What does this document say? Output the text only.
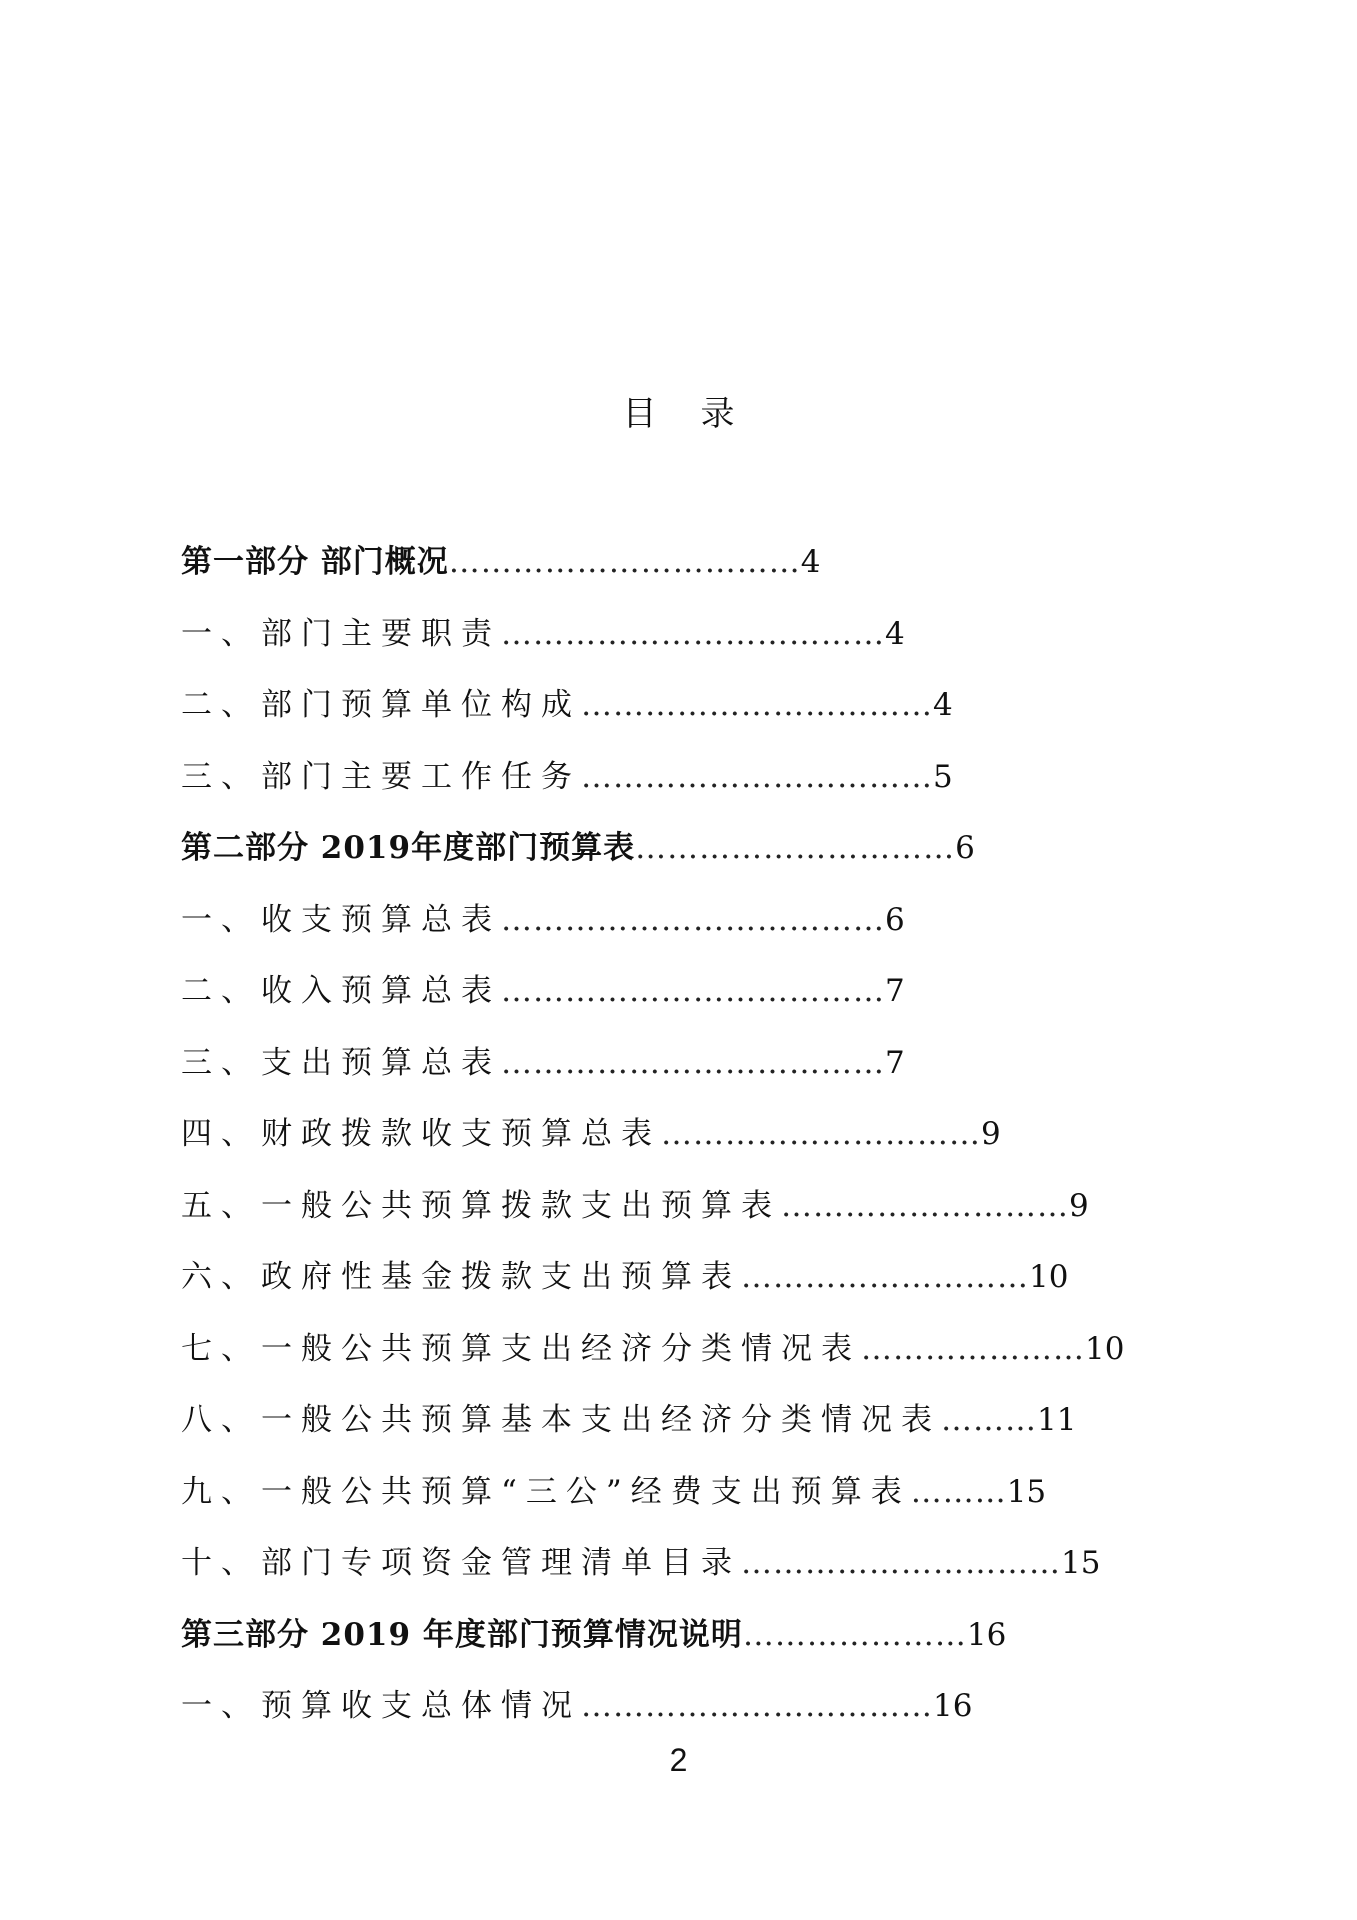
目 录
第一部分 部门概况……………………………4
一、部门主要职责………………………………4
二、部门预算单位构成……………………………4
三、部门主要工作任务……………………………5
第二部分 2019年度部门预算表…………………………6
一、收支预算总表………………………………6
二、收入预算总表………………………………7
三、支出预算总表………………………………7
四、财政拨款收支预算总表…………………………9
五、一般公共预算拨款支出预算表………………………9
六、政府性基金拨款支出预算表………………………10
七、一般公共预算支出经济分类情况表…………………10
八、一般公共预算基本支出经济分类情况表………11
九、一般公共预算“三公”经费支出预算表………15
十、部门专项资金管理清单目录…………………………15
第三部分 2019 年度部门预算情况说明…………………16
一、预算收支总体情况……………………………16
2
